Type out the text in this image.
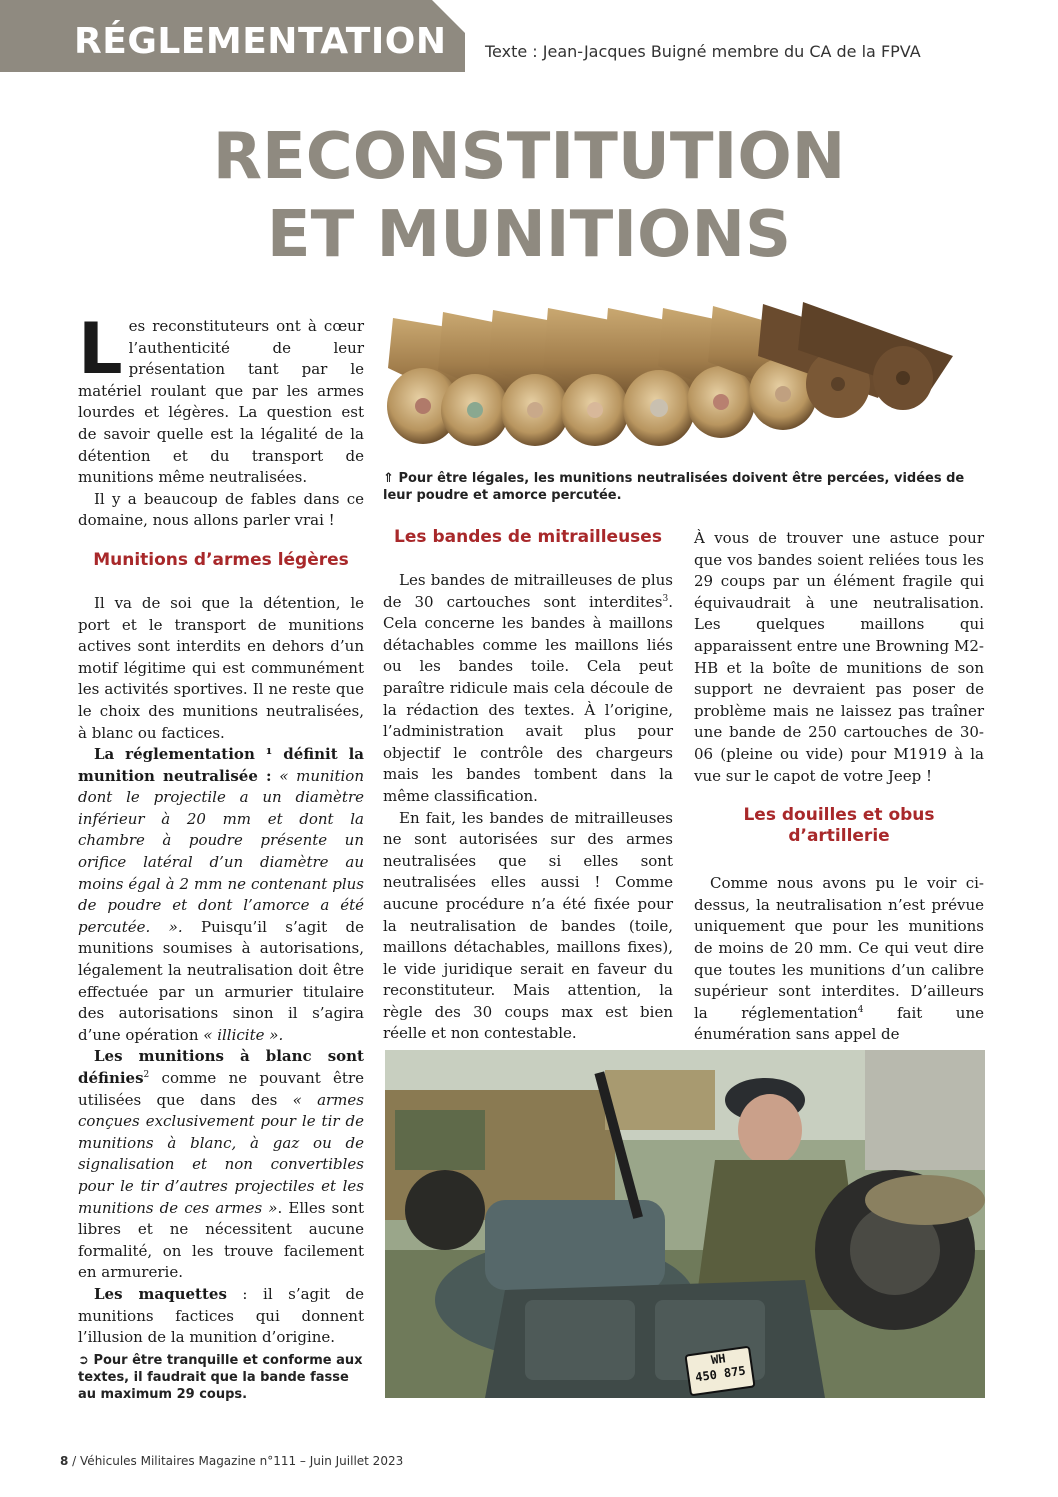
RÉGLEMENTATION Texte : Jean-Jacques Buigné membre du CA de la FPVA
RECONSTITUTION
ET MUNITIONS

Les reconstituteurs ont à cœur l’authenticité de leur présentation tant par le matériel roulant que par les armes lourdes et légères. La question est de savoir quelle est la légalité de la détention et du transport de munitions même neutralisées.

Il y a beaucoup de fables dans ce domaine, nous allons parler vrai !

Munitions d’armes légères

Il va de soi que la détention, le port et le transport de munitions actives sont interdits en dehors d’un motif légitime qui est communément les activités sportives. Il ne reste que le choix des munitions neutralisées, à blanc ou factices.

La réglementation ¹ définit la munition neutralisée : « munition dont le projectile a un diamètre inférieur à 20 mm et dont la chambre à poudre présente un orifice latéral d’un diamètre au moins égal à 2 mm ne contenant plus de poudre et dont l’amorce a été percutée. ». Puisqu’il s’agit de munitions soumises à autorisations, légalement la neutralisation doit être effectuée par un armurier titulaire des autorisations sinon il s’agira d’une opération « illicite ».

Les munitions à blanc sont définies$^2$ comme ne pouvant être utilisées que dans des « armes conçues exclusivement pour le tir de munitions à blanc, à gaz ou de signalisation et non convertibles pour le tir d’autres projectiles et les munitions de ces armes ». Elles sont libres et ne nécessitent aucune formalité, on les trouve facilement en armurerie.

Les maquettes : il s’agit de munitions factices qui donnent l’illusion de la munition d’origine.

➲ Pour être tranquille et conforme aux textes, il faudrait que la bande fasse au maximum 29 coups.
⇑ Pour être légales, les munitions neutralisées doivent être percées, vidées de leur poudre et amorce percutée.
Les bandes de mitrailleuses

Les bandes de mitrailleuses de plus de 30 cartouches sont interdites$^3$. Cela concerne les bandes à maillons détachables comme les maillons liés ou les bandes toile. Cela peut paraître ridicule mais cela découle de la rédaction des textes. À l’origine, l’administration avait plus pour objectif le contrôle des chargeurs mais les bandes tombent dans la même classification.

En fait, les bandes de mitrailleuses ne sont autorisées sur des armes neutralisées que si elles sont neutralisées elles aussi ! Comme aucune procédure n’a été fixée pour la neutralisation de bandes (toile, maillons détachables, maillons fixes), le vide juridique serait en faveur du reconstituteur. Mais attention, la règle des 30 coups max est bien réelle et non contestable.

À vous de trouver une astuce pour que vos bandes soient reliées tous les 29 coups par un élément fragile qui équivaudrait à une neutralisation. Les quelques maillons qui apparaissent entre une Browning M2-HB et la boîte de munitions de son support ne devraient pas poser de problème mais ne laissez pas traîner une bande de 250 cartouches de 30-06 (pleine ou vide) pour M1919 à la vue sur le capot de votre Jeep !

Les douilles et obus
d’artillerie

Comme nous avons pu le voir ci-dessus, la neutralisation n’est prévue uniquement que pour les munitions de moins de 20 mm. Ce qui veut dire que toutes les munitions d’un calibre supérieur sont interdites. D’ailleurs la réglementation$^4$ fait une énumération sans appel de

WH
450 875
8 / Véhicules Militaires Magazine n°111 – Juin Juillet 2023
